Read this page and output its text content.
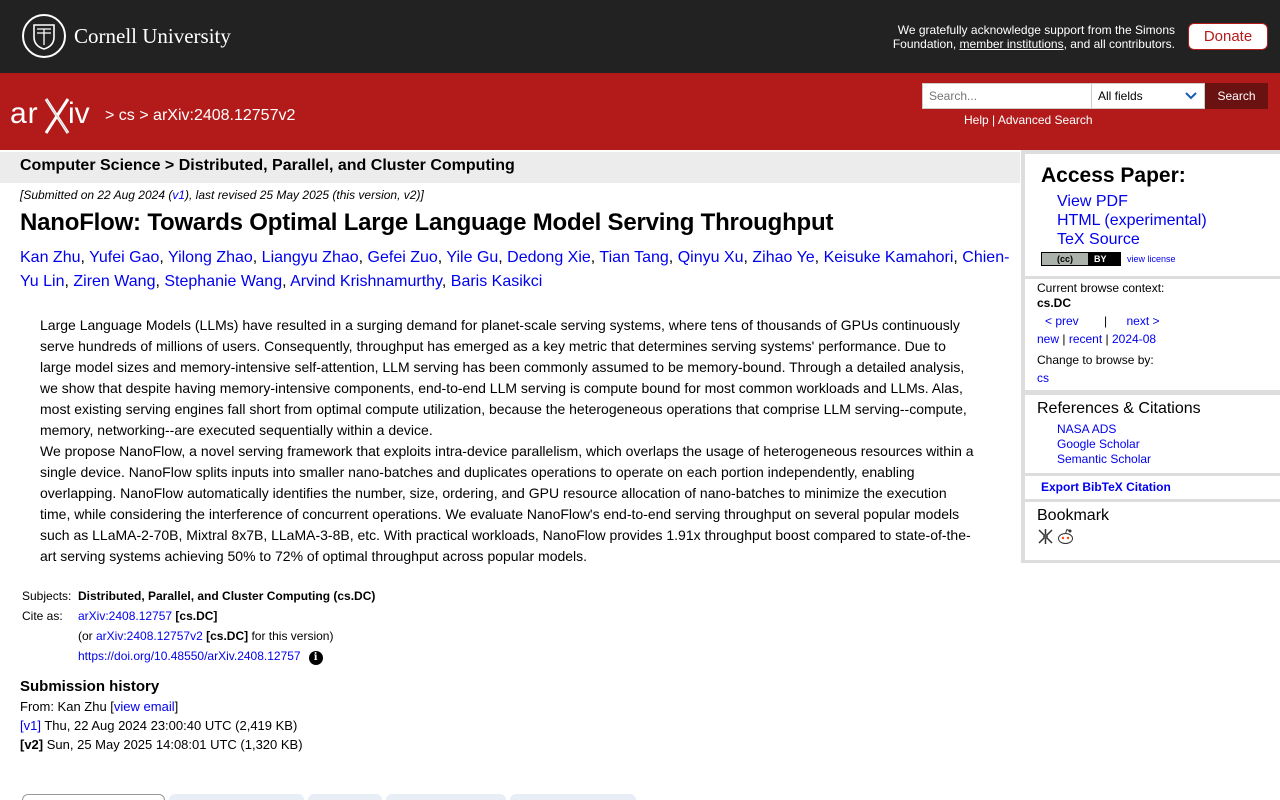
Cornell University	We gratefully acknowledge support from the Simons
Foundation, member institutions, and all contributors.	Donate
ar iv > cs > arXiv:2408.12757v2
Search...
All fields	Search
Help | Advanced Search
Computer Science > Distributed, Parallel, and Cluster Computing
[Submitted on 22 Aug 2024 (v1), last revised 25 May 2025 (this version, v2)]
NanoFlow: Towards Optimal Large Language Model Serving Throughput
Kan Zhu, Yufei Gao, Yilong Zhao, Liangyu Zhao, Gefei Zuo, Yile Gu, Dedong Xie, Tian Tang, Qinyu Xu, Zihao Ye, Keisuke Kamahori, Chien-Yu Lin, Ziren Wang, Stephanie Wang, Arvind Krishnamurthy, Baris Kasikci

Large Language Models (LLMs) have resulted in a surging demand for planet-scale serving systems, where tens of thousands of GPUs continuously serve hundreds of millions of users. Consequently, throughput has emerged as a key metric that determines serving systems' performance. Due to large model sizes and memory-intensive self-attention, LLM serving has been commonly assumed to be memory-bound. Through a detailed analysis, we show that despite having memory-intensive components, end-to-end LLM serving is compute bound for most common workloads and LLMs. Alas, most existing serving engines fall short from optimal compute utilization, because the heterogeneous operations that comprise LLM serving--compute, memory, networking--are executed sequentially within a device.

We propose NanoFlow, a novel serving framework that exploits intra-device parallelism, which overlaps the usage of heterogeneous resources within a single device. NanoFlow splits inputs into smaller nano-batches and duplicates operations to operate on each portion independently, enabling overlapping. NanoFlow automatically identifies the number, size, ordering, and GPU resource allocation of nano-batches to minimize the execution time, while considering the interference of concurrent operations. We evaluate NanoFlow's end-to-end serving throughput on several popular models such as LLaMA-2-70B, Mixtral 8x7B, LLaMA-3-8B, etc. With practical workloads, NanoFlow provides 1.91x throughput boost compared to state-of-the-art serving systems achieving 50% to 72% of optimal throughput across popular models.

Subjects:	Distributed, Parallel, and Cluster Computing (cs.DC)
Cite as:	arXiv:2408.12757 [cs.DC]
	(or arXiv:2408.12757v2 [cs.DC] for this version)
	https://doi.org/10.48550/arXiv.2408.12757 i
Submission history
From: Kan Zhu [view email]
[v1] Thu, 22 Aug 2024 23:00:40 UTC (2,419 KB)
[v2] Sun, 25 May 2025 14:08:01 UTC (1,320 KB)
Access Paper:
View PDF
HTML (experimental)
TeX Source
(cc)	BY view license
Current browse context:
cs.DC
< prev | next >
new | recent | 2024-08
Change to browse by:
cs
References & Citations
NASA ADS
Google Scholar
Semantic Scholar
Export BibTeX Citation
Bookmark
